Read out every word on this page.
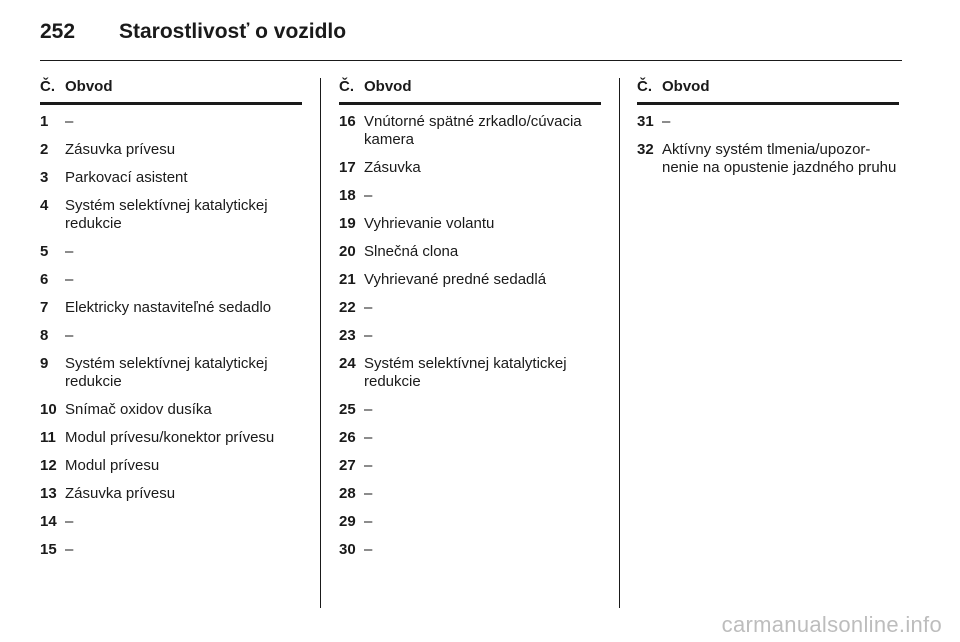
252 Starostlivosť o vozidlo
Č. Obvod
1	–
2	Zásuvka prívesu
3	Parkovací asistent
4	Systém selektívnej katalytickej redukcie
5	–
6	–
7	Elektricky nastaviteľné sedadlo
8	–
9	Systém selektívnej katalytickej redukcie
10 Snímač oxidov dusíka
11 Modul prívesu/konektor prívesu
12 Modul prívesu
13 Zásuvka prívesu
14 –
15 –
Č. Obvod
16 Vnútorné spätné zrkadlo/cúvacia kamera
17 Zásuvka
18 –
19 Vyhrievanie volantu
20 Slnečná clona
21 Vyhrievané predné sedadlá
22 –
23 –
24 Systém selektívnej katalytickej redukcie
25 –
26 –
27 –
28 –
29 –
30 –
Č. Obvod
31 –
32 Aktívny systém tlmenia/upozor-nenie na opustenie jazdného pruhu
carmanualsonline.info
